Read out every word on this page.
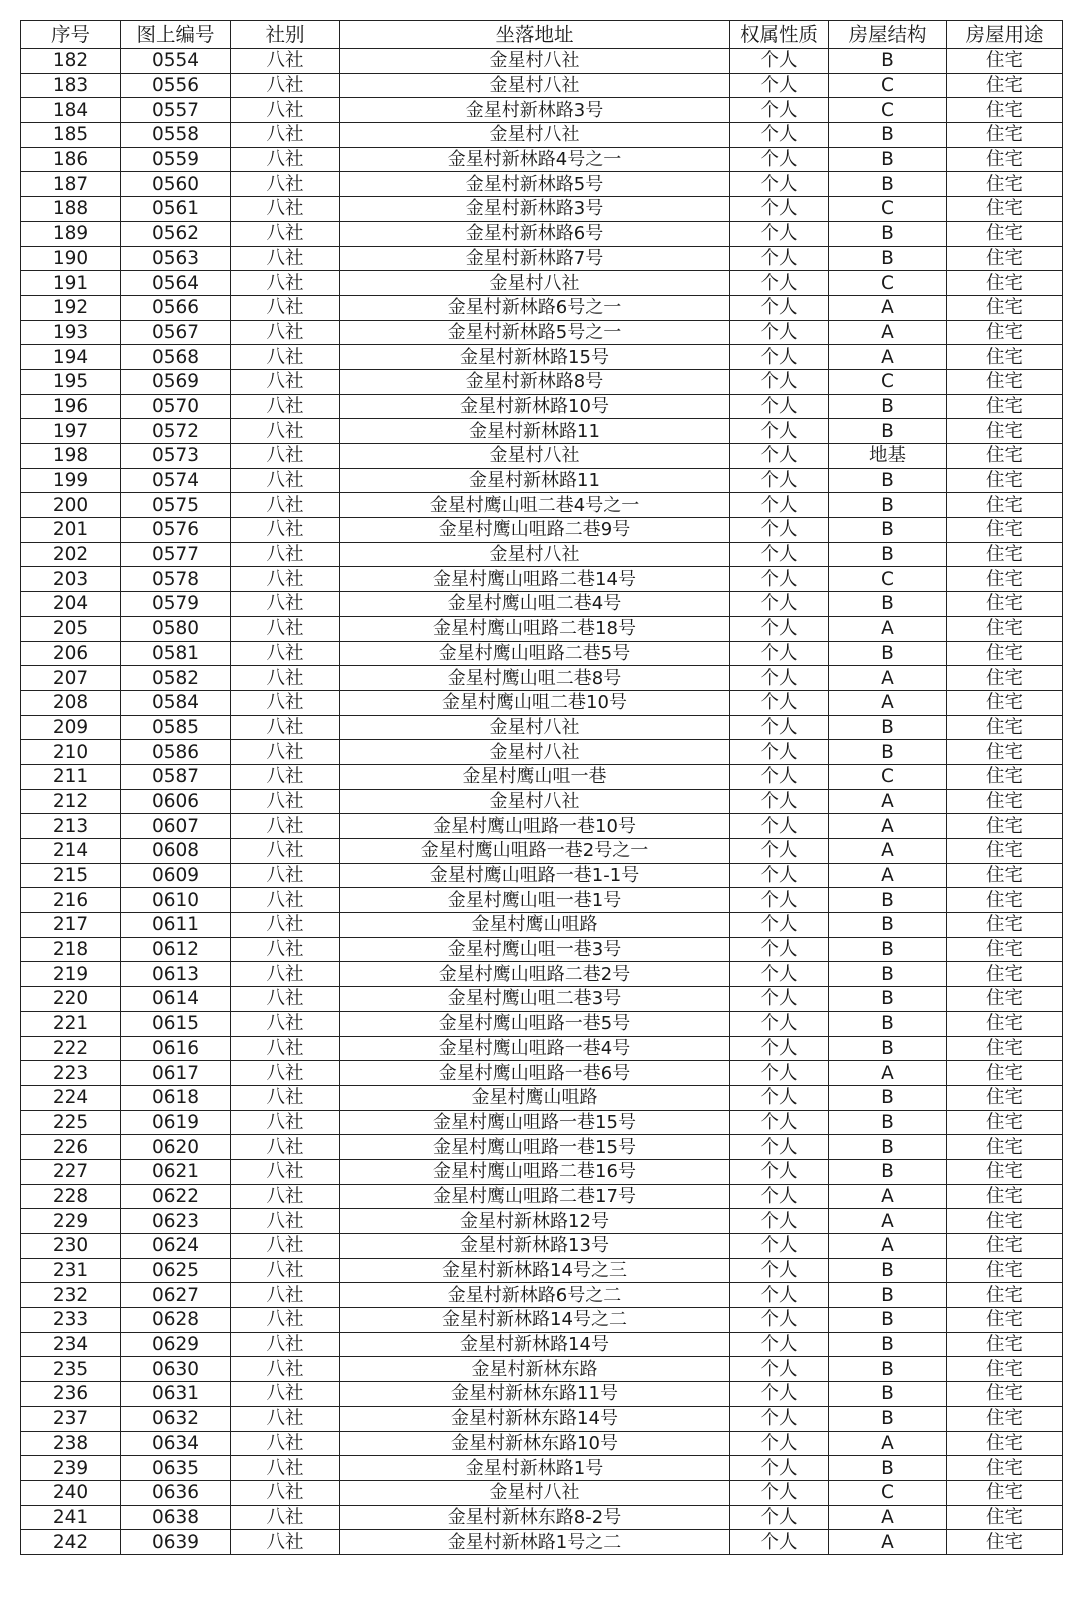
序号	图上编号	社别	坐落地址	权属性质	房屋结构	房屋用途
182	0554	八社	金星村八社	个人	B	住宅
183	0556	八社	金星村八社	个人	C	住宅
184	0557	八社	金星村新林路3号	个人	C	住宅
185	0558	八社	金星村八社	个人	B	住宅
186	0559	八社	金星村新林路4号之一	个人	B	住宅
187	0560	八社	金星村新林路5号	个人	B	住宅
188	0561	八社	金星村新林路3号	个人	C	住宅
189	0562	八社	金星村新林路6号	个人	B	住宅
190	0563	八社	金星村新林路7号	个人	B	住宅
191	0564	八社	金星村八社	个人	C	住宅
192	0566	八社	金星村新林路6号之一	个人	A	住宅
193	0567	八社	金星村新林路5号之一	个人	A	住宅
194	0568	八社	金星村新林路15号	个人	A	住宅
195	0569	八社	金星村新林路8号	个人	C	住宅
196	0570	八社	金星村新林路10号	个人	B	住宅
197	0572	八社	金星村新林路11	个人	B	住宅
198	0573	八社	金星村八社	个人	地基	住宅
199	0574	八社	金星村新林路11	个人	B	住宅
200	0575	八社	金星村鹰山咀二巷4号之一	个人	B	住宅
201	0576	八社	金星村鹰山咀路二巷9号	个人	B	住宅
202	0577	八社	金星村八社	个人	B	住宅
203	0578	八社	金星村鹰山咀路二巷14号	个人	C	住宅
204	0579	八社	金星村鹰山咀二巷4号	个人	B	住宅
205	0580	八社	金星村鹰山咀路二巷18号	个人	A	住宅
206	0581	八社	金星村鹰山咀路二巷5号	个人	B	住宅
207	0582	八社	金星村鹰山咀二巷8号	个人	A	住宅
208	0584	八社	金星村鹰山咀二巷10号	个人	A	住宅
209	0585	八社	金星村八社	个人	B	住宅
210	0586	八社	金星村八社	个人	B	住宅
211	0587	八社	金星村鹰山咀一巷	个人	C	住宅
212	0606	八社	金星村八社	个人	A	住宅
213	0607	八社	金星村鹰山咀路一巷10号	个人	A	住宅
214	0608	八社	金星村鹰山咀路一巷2号之一	个人	A	住宅
215	0609	八社	金星村鹰山咀路一巷1-1号	个人	A	住宅
216	0610	八社	金星村鹰山咀一巷1号	个人	B	住宅
217	0611	八社	金星村鹰山咀路	个人	B	住宅
218	0612	八社	金星村鹰山咀一巷3号	个人	B	住宅
219	0613	八社	金星村鹰山咀路二巷2号	个人	B	住宅
220	0614	八社	金星村鹰山咀二巷3号	个人	B	住宅
221	0615	八社	金星村鹰山咀路一巷5号	个人	B	住宅
222	0616	八社	金星村鹰山咀路一巷4号	个人	B	住宅
223	0617	八社	金星村鹰山咀路一巷6号	个人	A	住宅
224	0618	八社	金星村鹰山咀路	个人	B	住宅
225	0619	八社	金星村鹰山咀路一巷15号	个人	B	住宅
226	0620	八社	金星村鹰山咀路一巷15号	个人	B	住宅
227	0621	八社	金星村鹰山咀路二巷16号	个人	B	住宅
228	0622	八社	金星村鹰山咀路二巷17号	个人	A	住宅
229	0623	八社	金星村新林路12号	个人	A	住宅
230	0624	八社	金星村新林路13号	个人	A	住宅
231	0625	八社	金星村新林路14号之三	个人	B	住宅
232	0627	八社	金星村新林路6号之二	个人	B	住宅
233	0628	八社	金星村新林路14号之二	个人	B	住宅
234	0629	八社	金星村新林路14号	个人	B	住宅
235	0630	八社	金星村新林东路	个人	B	住宅
236	0631	八社	金星村新林东路11号	个人	B	住宅
237	0632	八社	金星村新林东路14号	个人	B	住宅
238	0634	八社	金星村新林东路10号	个人	A	住宅
239	0635	八社	金星村新林路1号	个人	B	住宅
240	0636	八社	金星村八社	个人	C	住宅
241	0638	八社	金星村新林东路8-2号	个人	A	住宅
242	0639	八社	金星村新林路1号之二	个人	A	住宅
